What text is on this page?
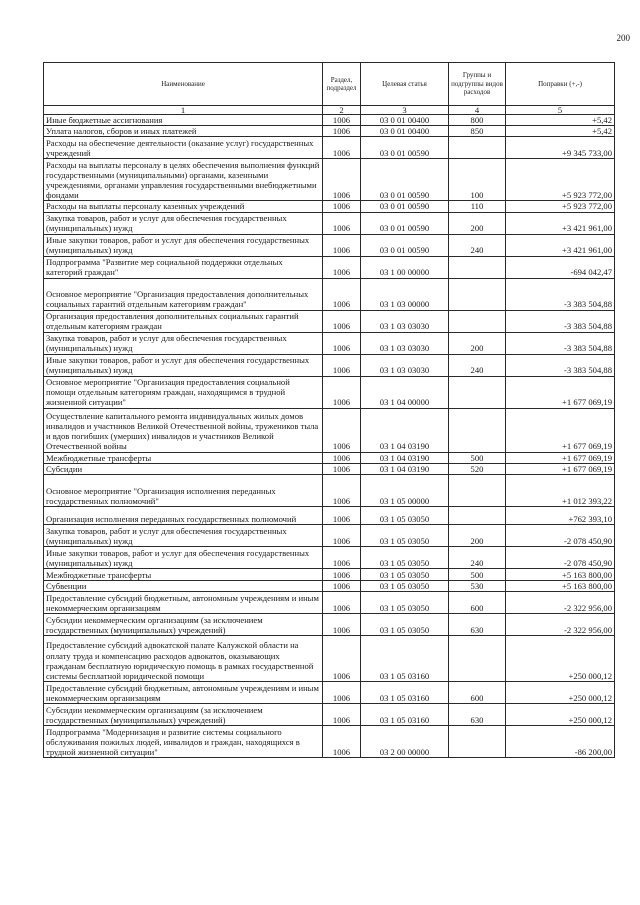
200
Наименование	Раздел, подраздел	Целевая статья	Группы и подгруппы видов расходов	Поправки (+,-)
1	2	3	4	5
Иные бюджетные ассигнования	1006	03 0 01 00400	800	+5,42
Уплата налогов, сборов и иных платежей	1006	03 0 01 00400	850	+5,42
Расходы на обеспечение деятельности (оказание услуг) государственных учреждений	1006	03 0 01 00590		+9 345 733,00
Расходы на выплаты персоналу в целях обеспечения выполнения функций государственными (муниципальными) органами, казенными учреждениями, органами управления государственными внебюджетными фондами	1006	03 0 01 00590	100	+5 923 772,00
Расходы на выплаты персоналу казенных учреждений	1006	03 0 01 00590	110	+5 923 772,00
Закупка товаров, работ и услуг для обеспечения государственных (муниципальных) нужд	1006	03 0 01 00590	200	+3 421 961,00
Иные закупки товаров, работ и услуг для обеспечения государственных (муниципальных) нужд	1006	03 0 01 00590	240	+3 421 961,00
Подпрограмма "Развитие мер социальной поддержки отдельных категорий граждан"	1006	03 1 00 00000		-694 042,47
Основное мероприятие "Организация предоставления дополнительных социальных гарантий отдельным категориям граждан"	1006	03 1 03 00000		-3 383 504,88
Организация предоставления дополнительных социальных гарантий отдельным категориям граждан	1006	03 1 03 03030		-3 383 504,88
Закупка товаров, работ и услуг для обеспечения государственных (муниципальных) нужд	1006	03 1 03 03030	200	-3 383 504,88
Иные закупки товаров, работ и услуг для обеспечения государственных (муниципальных) нужд	1006	03 1 03 03030	240	-3 383 504,88
Основное мероприятие "Организация предоставления социальной помощи отдельным категориям граждан, находящимся в трудной жизненной ситуации"	1006	03 1 04 00000		+1 677 069,19
Осуществление капитального ремонта индивидуальных жилых домов инвалидов и участников Великой Отечественной войны, тружеников тыла и вдов погибших (умерших) инвалидов и участников Великой Отечественной войны	1006	03 1 04 03190		+1 677 069,19
Межбюджетные трансферты	1006	03 1 04 03190	500	+1 677 069,19
Субсидии	1006	03 1 04 03190	520	+1 677 069,19
Основное мероприятие "Организация исполнения переданных государственных полномочий"	1006	03 1 05 00000		+1 012 393,22
Организация исполнения переданных государственных полномочий	1006	03 1 05 03050		+762 393,10
Закупка товаров, работ и услуг для обеспечения государственных (муниципальных) нужд	1006	03 1 05 03050	200	-2 078 450,90
Иные закупки товаров, работ и услуг для обеспечения государственных (муниципальных) нужд	1006	03 1 05 03050	240	-2 078 450,90
Межбюджетные трансферты	1006	03 1 05 03050	500	+5 163 800,00
Субвенции	1006	03 1 05 03050	530	+5 163 800,00
Предоставление субсидий бюджетным, автономным учреждениям и иным некоммерческим организациям	1006	03 1 05 03050	600	-2 322 956,00
Субсидии некоммерческим организациям (за исключением государственных (муниципальных) учреждений)	1006	03 1 05 03050	630	-2 322 956,00
Предоставление субсидий адвокатской палате Калужской области на оплату труда и компенсацию расходов адвокатов, оказывающих гражданам бесплатную юридическую помощь в рамках государственной системы бесплатной юридической помощи	1006	03 1 05 03160		+250 000,12
Предоставление субсидий бюджетным, автономным учреждениям и иным некоммерческим организациям	1006	03 1 05 03160	600	+250 000,12
Субсидии некоммерческим организациям (за исключением государственных (муниципальных) учреждений)	1006	03 1 05 03160	630	+250 000,12
Подпрограмма "Модернизация и развитие системы социального обслуживания пожилых людей, инвалидов и граждан, находящихся в трудной жизненной ситуации"	1006	03 2 00 00000		-86 200,00
